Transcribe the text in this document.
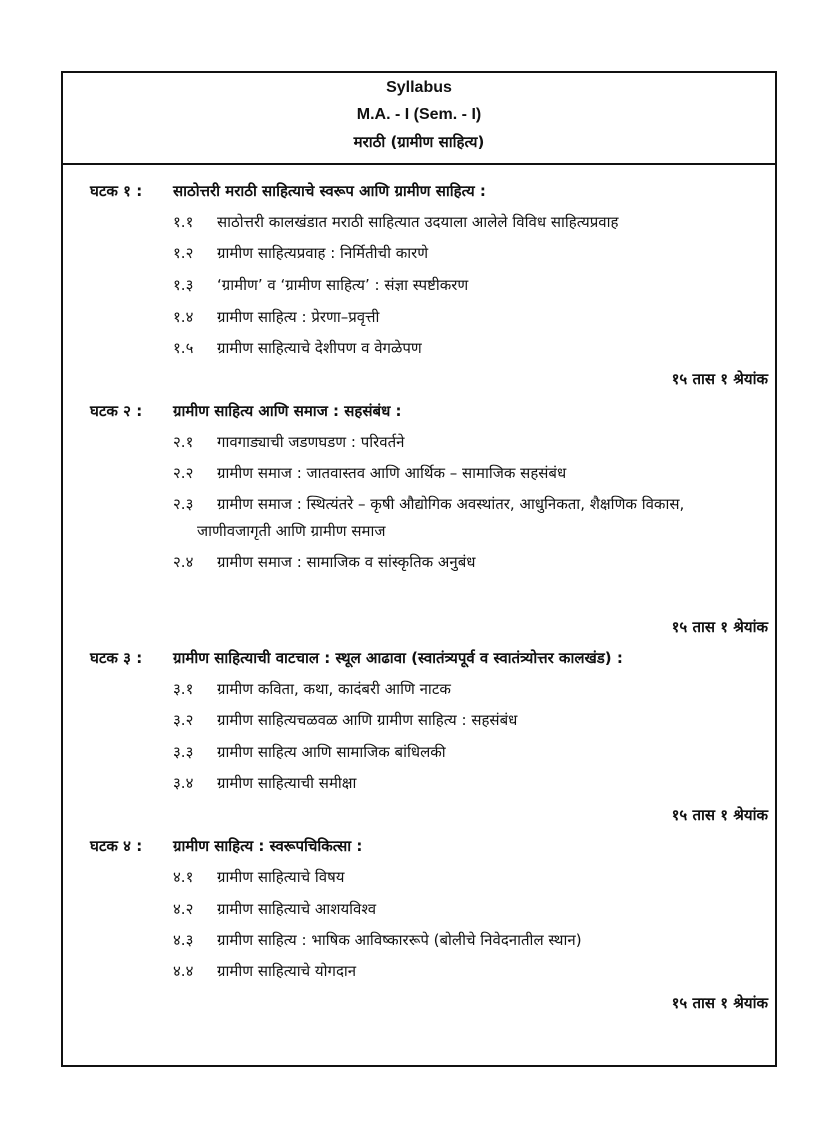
Syllabus
M.A. - I (Sem. - I)
मराठी (ग्रामीण साहित्य)
घटक १ : साठोत्तरी मराठी साहित्याचे स्वरूप आणि ग्रामीण साहित्य :
१.१ साठोत्तरी कालखंडात मराठी साहित्यात उदयाला आलेले विविध साहित्यप्रवाह
१.२ ग्रामीण साहित्यप्रवाह : निर्मितीची कारणे
१.३ ‘ग्रामीण’ व ‘ग्रामीण साहित्य’ : संज्ञा स्पष्टीकरण
१.४ ग्रामीण साहित्य : प्रेरणा–प्रवृत्ती
१.५ ग्रामीण साहित्याचे देशीपण व वेगळेपण
१५ तास १ श्रेयांक
घटक २ : ग्रामीण साहित्य आणि समाज : सहसंबंध :
२.१ गावगाड्याची जडणघडण : परिवर्तने
२.२ ग्रामीण समाज : जातवास्तव आणि आर्थिक – सामाजिक सहसंबंध
२.३ ग्रामीण समाज : स्थित्यंतरे – कृषी औद्योगिक अवस्थांतर, आधुनिकता, शैक्षणिक विकास,
जाणीवजागृती आणि ग्रामीण समाज
२.४ ग्रामीण समाज : सामाजिक व सांस्कृतिक अनुबंध
१५ तास १ श्रेयांक
घटक ३ : ग्रामीण साहित्याची वाटचाल : स्थूल आढावा (स्वातंत्र्यपूर्व व स्वातंत्र्योत्तर कालखंड) :
३.१ ग्रामीण कविता, कथा, कादंबरी आणि नाटक
३.२ ग्रामीण साहित्यचळवळ आणि ग्रामीण साहित्य : सहसंबंध
३.३ ग्रामीण साहित्य आणि सामाजिक बांधिलकी
३.४ ग्रामीण साहित्याची समीक्षा
१५ तास १ श्रेयांक
घटक ४ : ग्रामीण साहित्य : स्वरूपचिकित्सा :
४.१ ग्रामीण साहित्याचे विषय
४.२ ग्रामीण साहित्याचे आशयविश्व
४.३ ग्रामीण साहित्य : भाषिक आविष्काररूपे (बोलीचे निवेदनातील स्थान)
४.४ ग्रामीण साहित्याचे योगदान
१५ तास १ श्रेयांक
